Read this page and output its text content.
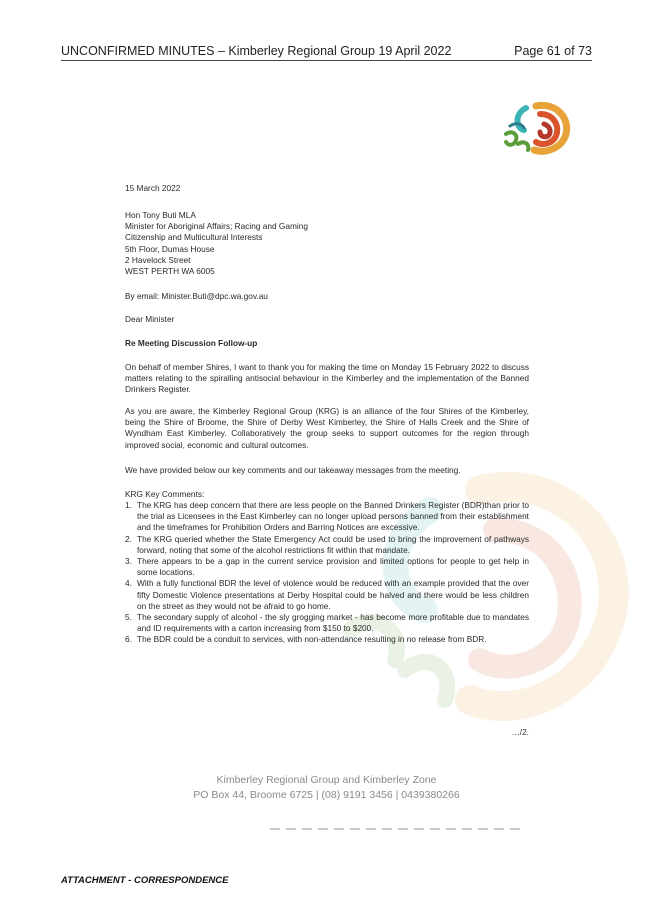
UNCONFIRMED MINUTES – Kimberley Regional Group 19 April 2022	Page 61 of 73

15 March 2022

Hon Tony Buti MLA

Minister for Aboriginal Affairs; Racing and Gaming

Citizenship and Multicultural Interests

5th Floor, Dumas House

2 Havelock Street

WEST PERTH WA 6005

By email: Minister.Buti@dpc.wa.gov.au

Dear Minister

Re Meeting Discussion Follow-up

On behalf of member Shires, I want to thank you for making the time on Monday 15 February 2022 to discuss matters relating to the spiralling antisocial behaviour in the Kimberley and the implementation of the Banned Drinkers Register.

As you are aware, the Kimberley Regional Group (KRG) is an alliance of the four Shires of the Kimberley, being the Shire of Broome, the Shire of Derby West Kimberley, the Shire of Halls Creek and the Shire of Wyndham East Kimberley. Collaboratively the group seeks to support outcomes for the region through improved social, economic and cultural outcomes.

We have provided below our key comments and our takeaway messages from the meeting.

KRG Key Comments:

1. The KRG has deep concern that there are less people on the Banned Drinkers Register (BDR)than prior to the trial as Licensees in the East Kimberley can no longer upload persons banned from their establishment and the timeframes for Prohibition Orders and Barring Notices are excessive.
2. The KRG queried whether the State Emergency Act could be used to bring the improvement of pathways forward, noting that some of the alcohol restrictions fit within that mandate.
3. There appears to be a gap in the current service provision and limited options for people to get help in some locations.
4. With a fully functional BDR the level of violence would be reduced with an example provided that the over fifty Domestic Violence presentations at Derby Hospital could be halved and there would be less children on the street as they would not be afraid to go home.
5. The secondary supply of alcohol - the sly grogging market - has become more profitable due to mandates and ID requirements with a carton increasing from $150 to $200.
6. The BDR could be a conduit to services, with non-attendance resulting in no release from BDR.
…/2.
Kimberley Regional Group and Kimberley Zone
PO Box 44, Broome 6725 | (08) 9191 3456 | 0439380266
ATTACHMENT - CORRESPONDENCE
